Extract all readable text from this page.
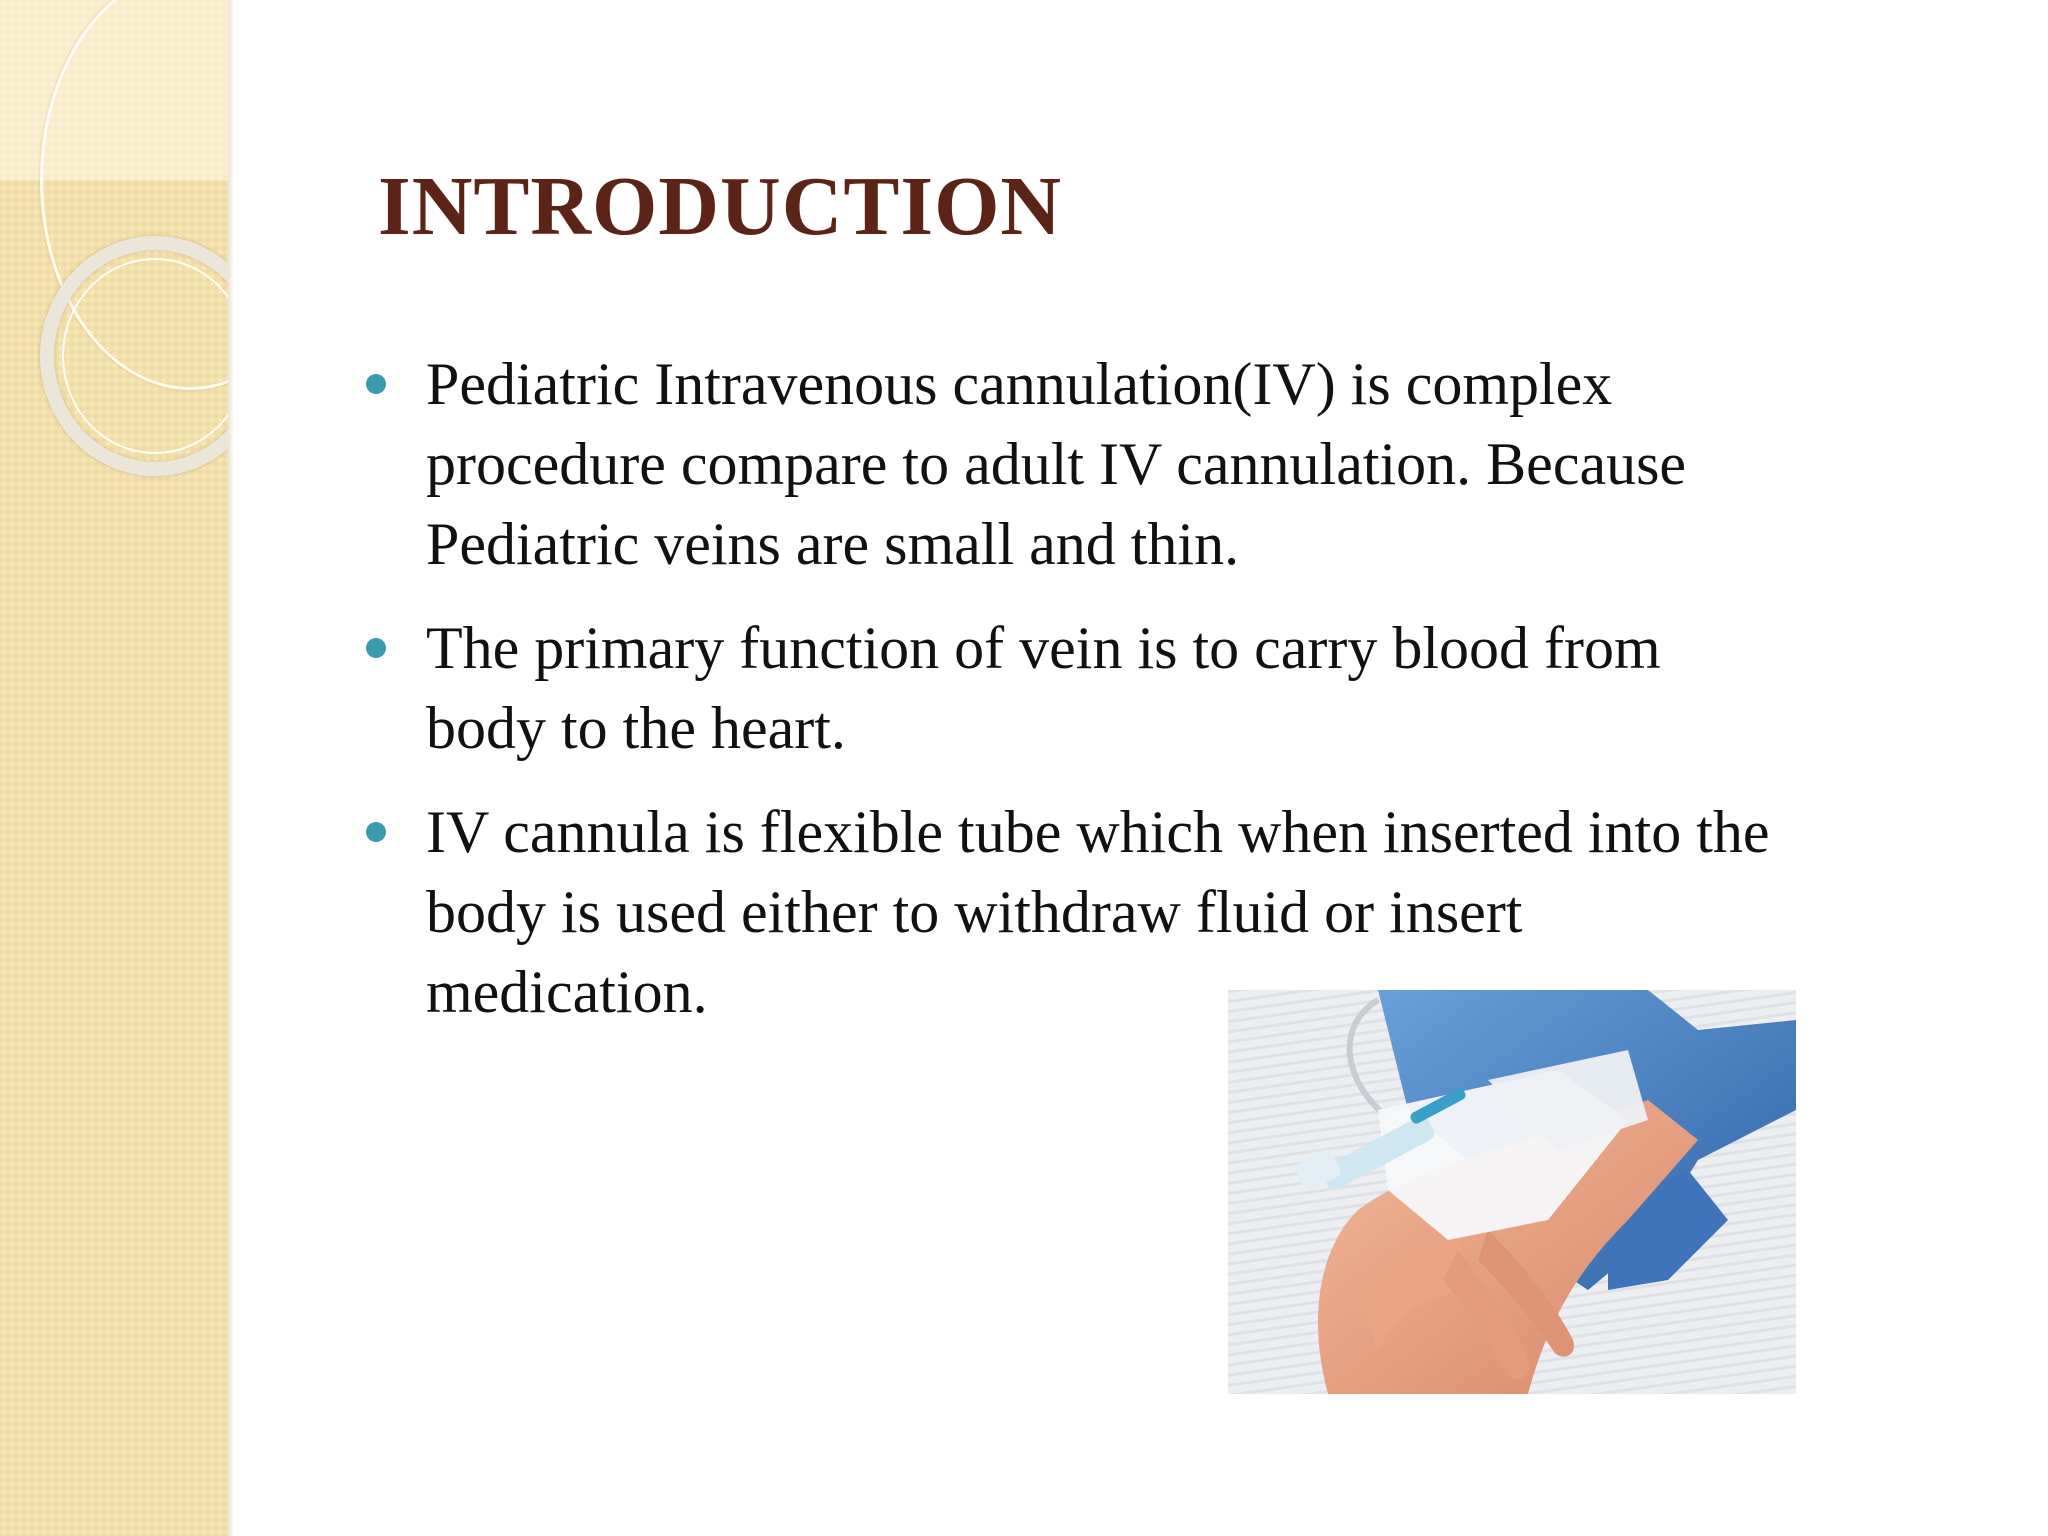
INTRODUCTION
Pediatric Intravenous cannulation(IV) is complex
procedure compare to adult IV cannulation. Because
Pediatric veins are small and thin.
The primary function of vein is to carry blood from
body to the heart.
IV cannula is flexible tube which when inserted into the
body is used either to withdraw fluid or insert
medication.
